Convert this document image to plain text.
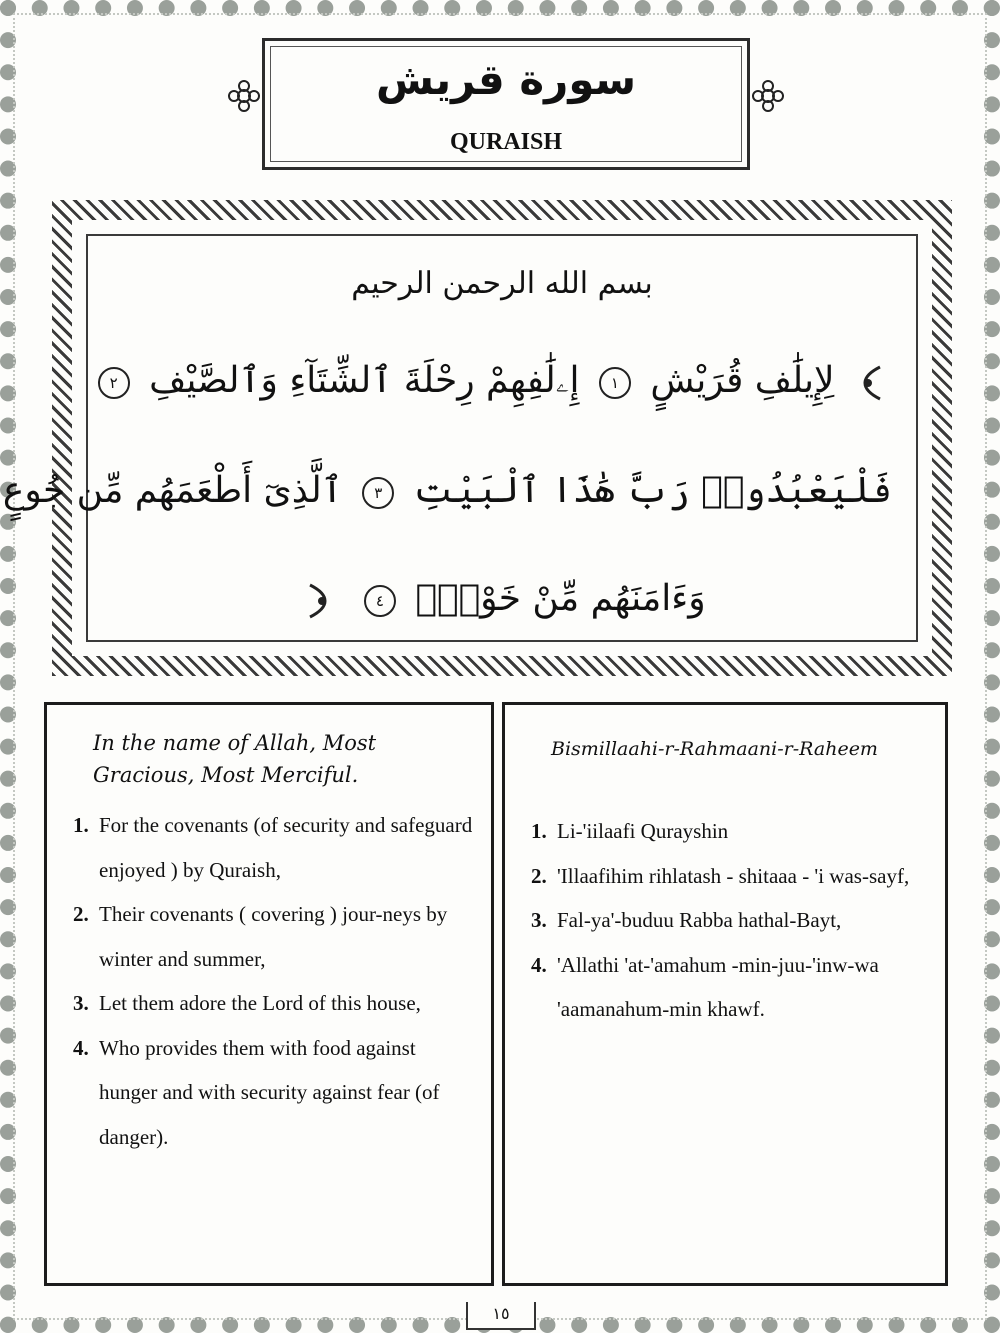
سورة قريش
QURAISH
بسم الله الرحمن الرحيم
لِإِيلَٰفِ قُرَيْشٍ ١ إِۦلَٰفِهِمْ رِحْلَةَ ٱلشِّتَآءِ وَٱلصَّيْفِ ٢
فَلْيَعْبُدُوا۟ رَبَّ هَٰذَا ٱلْبَيْتِ ٣ ٱلَّذِىٓ أَطْعَمَهُم مِّن جُوعٍ
وَءَامَنَهُم مِّنْ خَوْفٍۭ ٤
In the name of Allah, Most Gracious, Most Merciful.
1. For the covenants (of security and safeguard enjoyed ) by Quraish,
2. Their covenants ( covering ) jour-neys by winter and summer,
3. Let them adore the Lord of this house,
4. Who provides them with food against hunger and with security against fear (of danger).
Bismillaahi-r-Rahmaani-r-Raheem
1. Li-'iilaafi Qurayshin
2. 'Illaafihim rihlatash - shitaaa - 'i was-sayf,
3. Fal-ya'-buduu Rabba hathal-Bayt,
4. 'Allathi 'at-'amahum -min-juu-'inw-wa 'aamanahum-min khawf.
١٥
